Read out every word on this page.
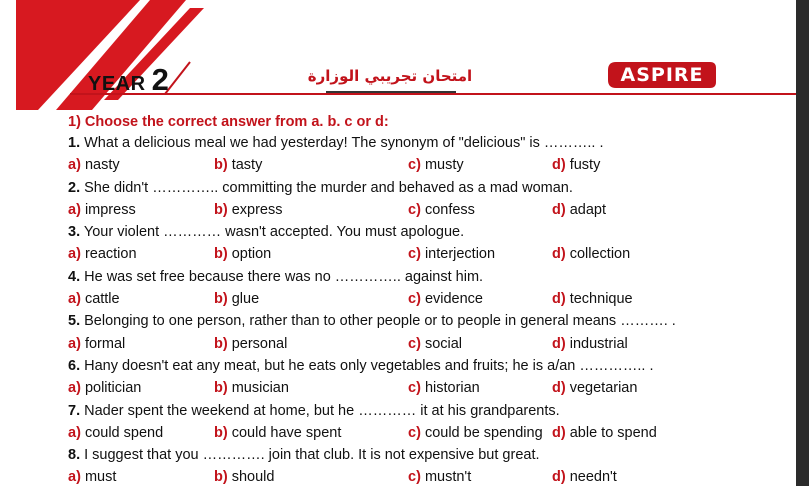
YEAR 2	امتحان تجريبي الوزارة	ASPIRE
1) Choose the correct answer from a. b. c or d:
1. What a delicious meal we had yesterday! The synonym of "delicious" is ……….. .
a) nasty	b) tasty	c) musty	d) fusty
2. She didn't ………….. committing the murder and behaved as a mad woman.
a) impress	b) express	c) confess	d) adapt
3. Your violent ………… wasn't accepted. You must apologue.
a) reaction	b) option	c) interjection	d) collection
4. He was set free because there was no ………….. against him.
a) cattle	b) glue	c) evidence	d) technique
5. Belonging to one person, rather than to other people or to people in general means ………. .
a) formal	b) personal	c) social	d) industrial
6. Hany doesn't eat any meat, but he eats only vegetables and fruits; he is a/an ………….. .
a) politician	b) musician	c) historian	d) vegetarian
7. Nader spent the weekend at home, but he ………… it at his grandparents.
a) could spend	b) could have spent	c) could be spending d) able to spend
8. I suggest that you …………. join that club. It is not expensive but great.
a) must	b) should	c) mustn't	d) needn't
